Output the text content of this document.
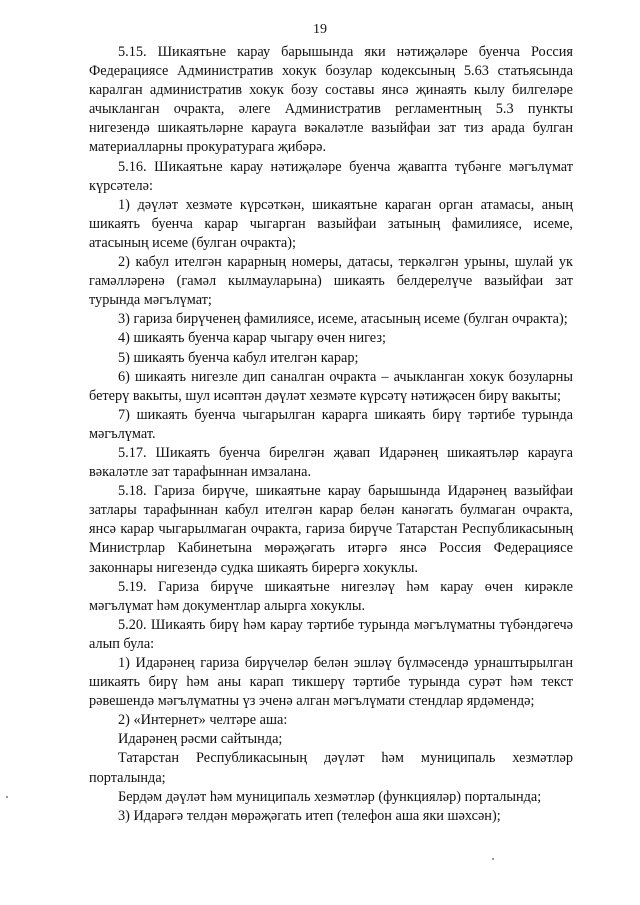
19

5.15. Шикаятьне карау барышында яки нәтиҗәләре буенча Россия Федерациясе Административ хокук бозулар кодексының 5.63 статьясында каралган административ хокук бозу составы янсә җинаять кылу билгеләре ачыкланган очракта, әлеге Административ регламентның 5.3 пункты нигезендә шикаятьләрне карауга вәкаләтле вазыйфаи зат тиз арада булган материалларны прокуратурага җибәрә.

5.16. Шикаятьне карау нәтиҗәләре буенча җавапта түбәнге мәгълүмат күрсәтелә:

1) дәүләт хезмәте күрсәткән, шикаятьне караган орган атамасы, аның шикаять буенча карар чыгарган вазыйфаи затының фамилиясе, исеме, атасының исеме (булган очракта);

2) кабул ителгән карарның номеры, датасы, теркәлгән урыны, шулай ук гамәлләренә (гамәл кылмауларына) шикаять белдерелүче вазыйфаи зат турында мәгълүмат;

3) гариза бирүченең фамилиясе, исеме, атасының исеме (булган очракта);

4) шикаять буенча карар чыгару өчен нигез;

5) шикаять буенча кабул ителгән карар;

6) шикаять нигезле дип саналган очракта – ачыкланган хокук бозуларны бетерү вакыты, шул исәптән дәүләт хезмәте күрсәтү нәтиҗәсен бирү вакыты;

7) шикаять буенча чыгарылган карарга шикаять бирү тәртибе турында мәгълүмат.

5.17. Шикаять буенча бирелгән җавап Идарәнең шикаятьләр карауга вәкаләтле зат тарафыннан имзалана.

5.18. Гариза бирүче, шикаятьне карау барышында Идарәнең вазыйфаи затлары тарафыннан кабул ителгән карар белән канәгать булмаган очракта, янсә карар чыгарылмаган очракта, гариза бирүче Татарстан Республикасының Министрлар Кабинетына мөрәҗәгать итәргә янсә Россия Федерациясе законнары нигезендә судка шикаять бирергә хокуклы.

5.19. Гариза бирүче шикаятьне нигезләү һәм карау өчен кирәкле мәгълүмат һәм документлар алырга хокуклы.

5.20. Шикаять бирү һәм карау тәртибе турында мәгълүматны түбәндәгечә алып була:

1) Идарәнең гариза бирүчеләр белән эшләү бүлмәсендә урнаштырылган шикаять бирү һәм аны карап тикшерү тәртибе турында сурәт һәм текст рәвешендә мәгълүматны үз эченә алган мәгълүмати стендлар ярдәмендә;

2) «Интернет» челтәре аша:

Идарәнең рәсми сайтында;

Татарстан Республикасының дәүләт һәм муниципаль хезмәтләр порталында;

Бердәм дәүләт һәм муниципаль хезмәтләр (функцияләр) порталында;

3) Идарәгә телдән мөрәҗәгать итеп (телефон аша яки шәхсән);
